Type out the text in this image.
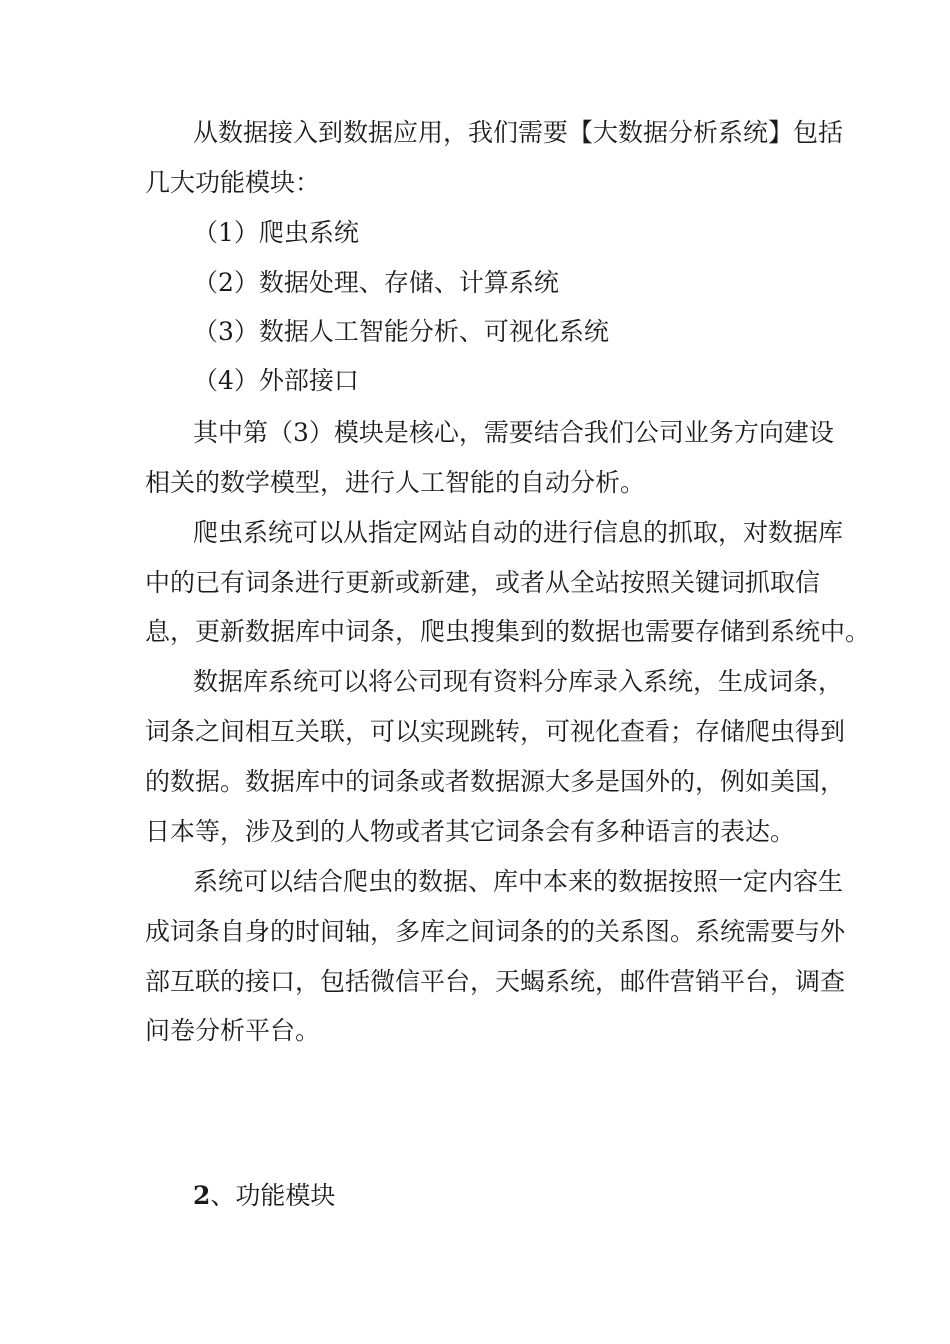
从数据接入到数据应用，我们需要【大数据分析系统】包括
几大功能模块：
（1）爬虫系统
（2）数据处理、存储、计算系统
（3）数据人工智能分析、可视化系统
（4）外部接口
其中第（3）模块是核心，需要结合我们公司业务方向建设
相关的数学模型，进行人工智能的自动分析。
爬虫系统可以从指定网站自动的进行信息的抓取，对数据库
中的已有词条进行更新或新建，或者从全站按照关键词抓取信
息，更新数据库中词条，爬虫搜集到的数据也需要存储到系统中。
数据库系统可以将公司现有资料分库录入系统，生成词条，
词条之间相互关联，可以实现跳转，可视化查看；存储爬虫得到
的数据。数据库中的词条或者数据源大多是国外的，例如美国，
日本等，涉及到的人物或者其它词条会有多种语言的表达。
系统可以结合爬虫的数据、库中本来的数据按照一定内容生
成词条自身的时间轴，多库之间词条的的关系图。系统需要与外
部互联的接口，包括微信平台，天蝎系统，邮件营销平台，调查
问卷分析平台。
2、功能模块
